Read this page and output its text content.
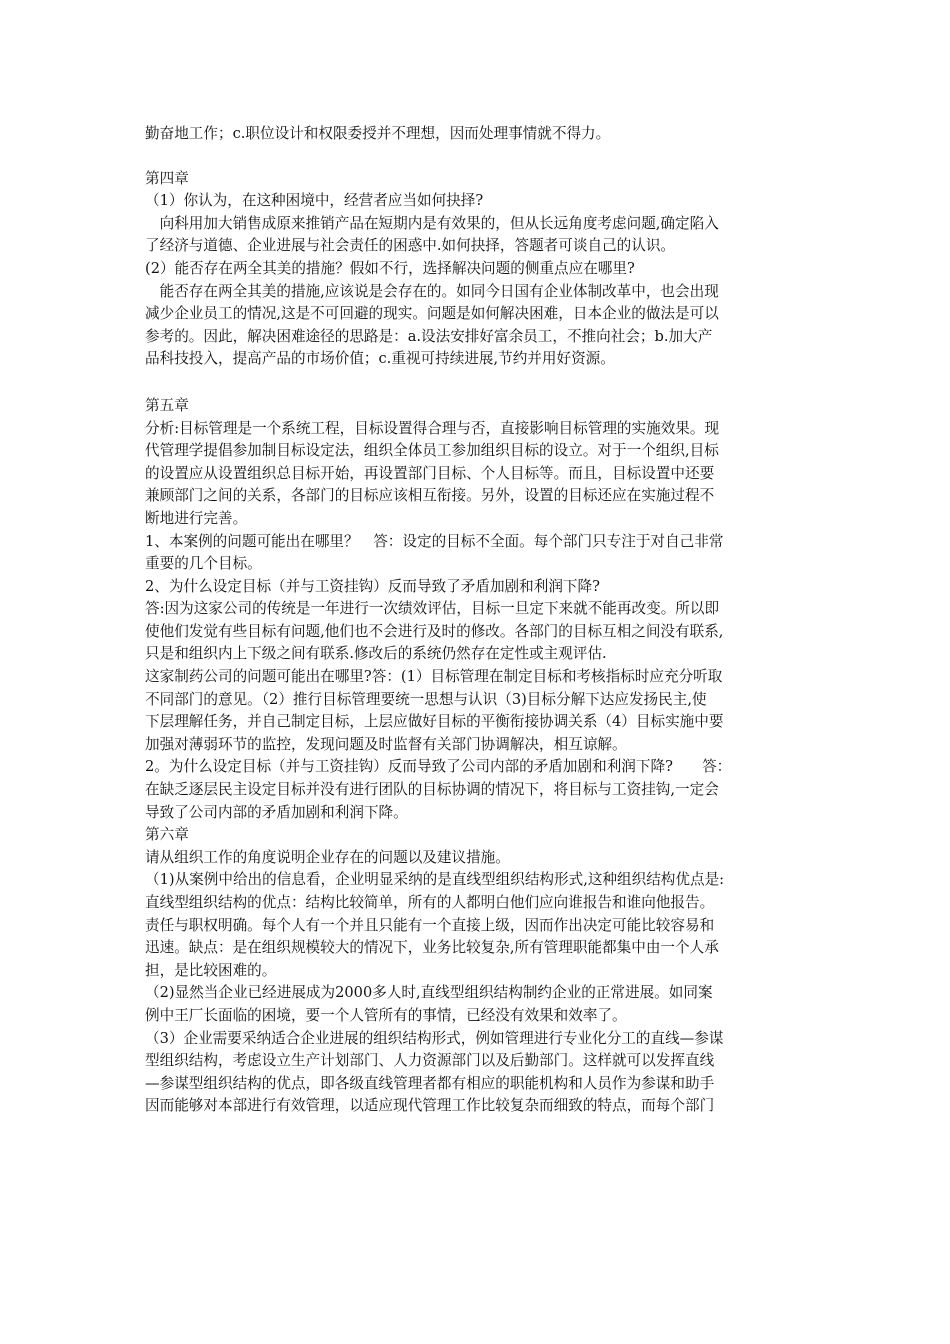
勤奋地工作；c.职位设计和权限委授并不理想，因而处理事情就不得力。

第四章

（1）你认为，在这种困境中，经营者应当如何抉择?

　向科用加大销售成原来推销产品在短期内是有效果的，但从长远角度考虑问题,确定陷入

了经济与道德、企业进展与社会责任的困惑中.如何抉择，答题者可谈自己的认识。

(2）能否存在两全其美的措施？假如不行，选择解决问题的侧重点应在哪里?

　能否存在两全其美的措施,应该说是会存在的。如同今日国有企业体制改革中，也会出现

减少企业员工的情况,这是不可回避的现实。问题是如何解决困难，日本企业的做法是可以

参考的。因此，解决困难途径的思路是：a.设法安排好富余员工，不推向社会；b.加大产

品科技投入，提高产品的市场价值；c.重视可持续进展,节约并用好资源。

第五章

分析:目标管理是一个系统工程，目标设置得合理与否，直接影响目标管理的实施效果。现

代管理学提倡参加制目标设定法，组织全体员工参加组织目标的设立。对于一个组织,目标

的设置应从设置组织总目标开始，再设置部门目标、个人目标等。而且，目标设置中还要

兼顾部门之间的关系，各部门的目标应该相互衔接。另外，设置的目标还应在实施过程不

断地进行完善。

1、本案例的问题可能出在哪里？　答：设定的目标不全面。每个部门只专注于对自己非常

重要的几个目标。

2、为什么设定目标（并与工资挂钩）反而导致了矛盾加剧和利润下降?

答:因为这家公司的传统是一年进行一次绩效评估，目标一旦定下来就不能再改变。所以即

使他们发觉有些目标有问题,他们也不会进行及时的修改。各部门的目标互相之间没有联系,

只是和组织内上下级之间有联系.修改后的系统仍然存在定性或主观评估.

这家制药公司的问题可能出在哪里?答：(1）目标管理在制定目标和考核指标时应充分听取

不同部门的意见。（2）推行目标管理要统一思想与认识（3)目标分解下达应发扬民主,使

下层理解任务，并自己制定目标，上层应做好目标的平衡衔接协调关系（4）目标实施中要

加强对薄弱环节的监控，发现问题及时监督有关部门协调解决，相互谅解。

2。为什么设定目标（并与工资挂钩）反而导致了公司内部的矛盾加剧和利润下降?　　答：

在缺乏逐层民主设定目标并没有进行团队的目标协调的情况下，将目标与工资挂钩,一定会

导致了公司内部的矛盾加剧和利润下降。

第六章

请从组织工作的角度说明企业存在的问题以及建议措施。

（1)从案例中给出的信息看，企业明显采纳的是直线型组织结构形式,这种组织结构优点是:

直线型组织结构的优点：结构比较简单，所有的人都明白他们应向谁报告和谁向他报告。

责任与职权明确。每个人有一个并且只能有一个直接上级，因而作出决定可能比较容易和

迅速。缺点：是在组织规模较大的情况下，业务比较复杂,所有管理职能都集中由一个人承

担，是比较困难的。

（2)显然当企业已经进展成为2000多人时,直线型组织结构制约企业的正常进展。如同案

例中王厂长面临的困境，要一个人管所有的事情，已经没有效果和效率了。

（3）企业需要采纳适合企业进展的组织结构形式，例如管理进行专业化分工的直线—参谋

型组织结构，考虑设立生产计划部门、人力资源部门以及后勤部门。这样就可以发挥直线

—参谋型组织结构的优点，即各级直线管理者都有相应的职能机构和人员作为参谋和助手

因而能够对本部进行有效管理，以适应现代管理工作比较复杂而细致的特点，而每个部门
